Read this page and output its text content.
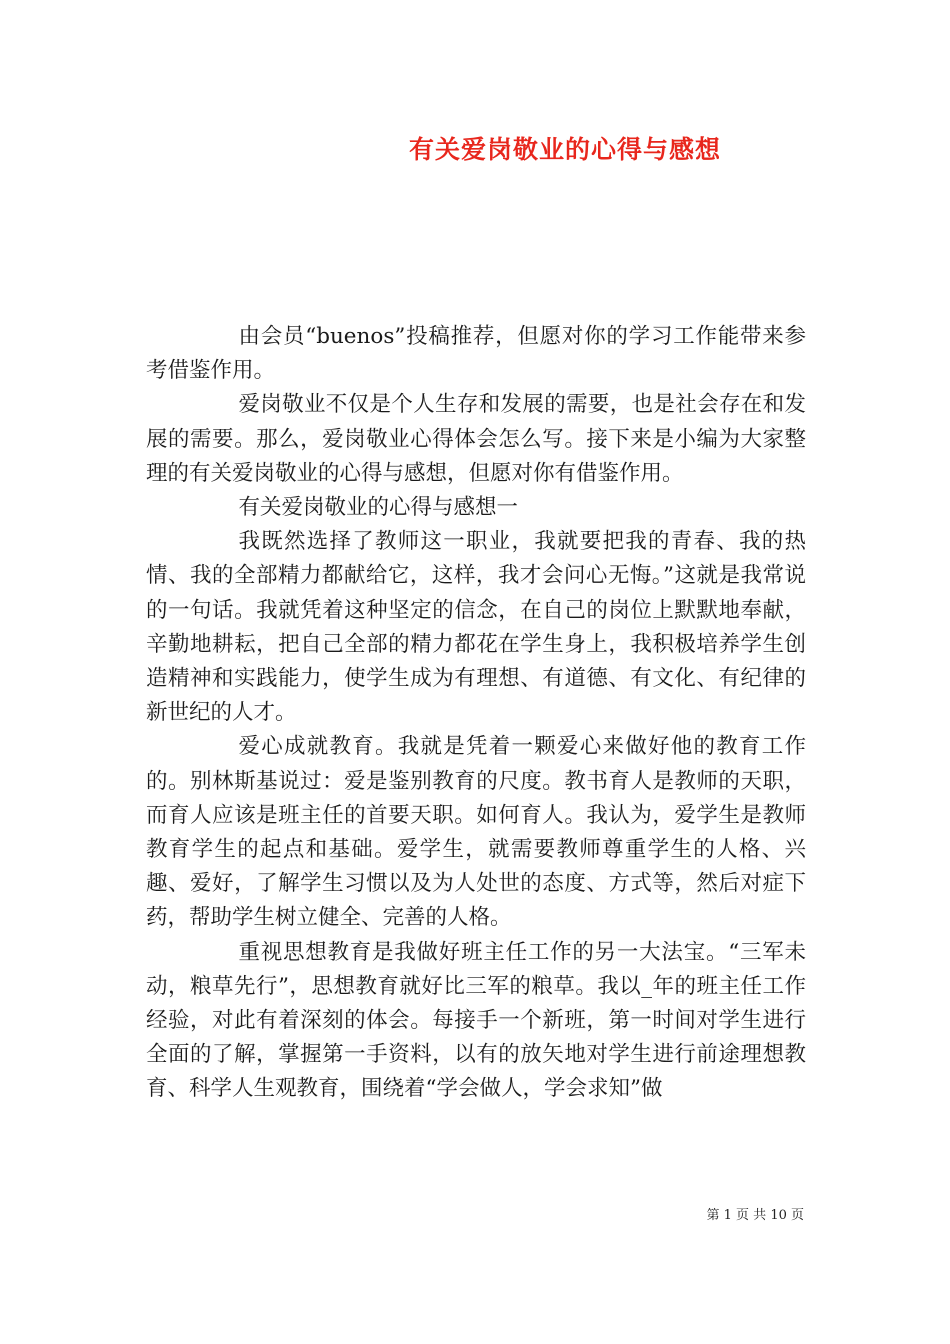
有关爱岗敬业的心得与感想

由会员“buenos”投稿推荐，但愿对你的学习工作能带来参考借鉴作用。

爱岗敬业不仅是个人生存和发展的需要，也是社会存在和发展的需要。那么，爱岗敬业心得体会怎么写。接下来是小编为大家整理的有关爱岗敬业的心得与感想，但愿对你有借鉴作用。

有关爱岗敬业的心得与感想一

我既然选择了教师这一职业，我就要把我的青春、我的热情、我的全部精力都献给它，这样，我才会问心无悔。”这就是我常说的一句话。我就凭着这种坚定的信念，在自己的岗位上默默地奉献，辛勤地耕耘，把自己全部的精力都花在学生身上，我积极培养学生创造精神和实践能力，使学生成为有理想、有道德、有文化、有纪律的新世纪的人才。

爱心成就教育。我就是凭着一颗爱心来做好他的教育工作的。别林斯基说过：爱是鉴别教育的尺度。教书育人是教师的天职，而育人应该是班主任的首要天职。如何育人。我认为，爱学生是教师教育学生的起点和基础。爱学生，就需要教师尊重学生的人格、兴趣、爱好，了解学生习惯以及为人处世的态度、方式等，然后对症下药，帮助学生树立健全、完善的人格。

重视思想教育是我做好班主任工作的另一大法宝。“三军未动，粮草先行”，思想教育就好比三军的粮草。我以_年的班主任工作经验，对此有着深刻的体会。每接手一个新班，第一时间对学生进行全面的了解，掌握第一手资料，以有的放矢地对学生进行前途理想教育、科学人生观教育，围绕着“学会做人，学会求知”做

第 1 页 共 10 页
